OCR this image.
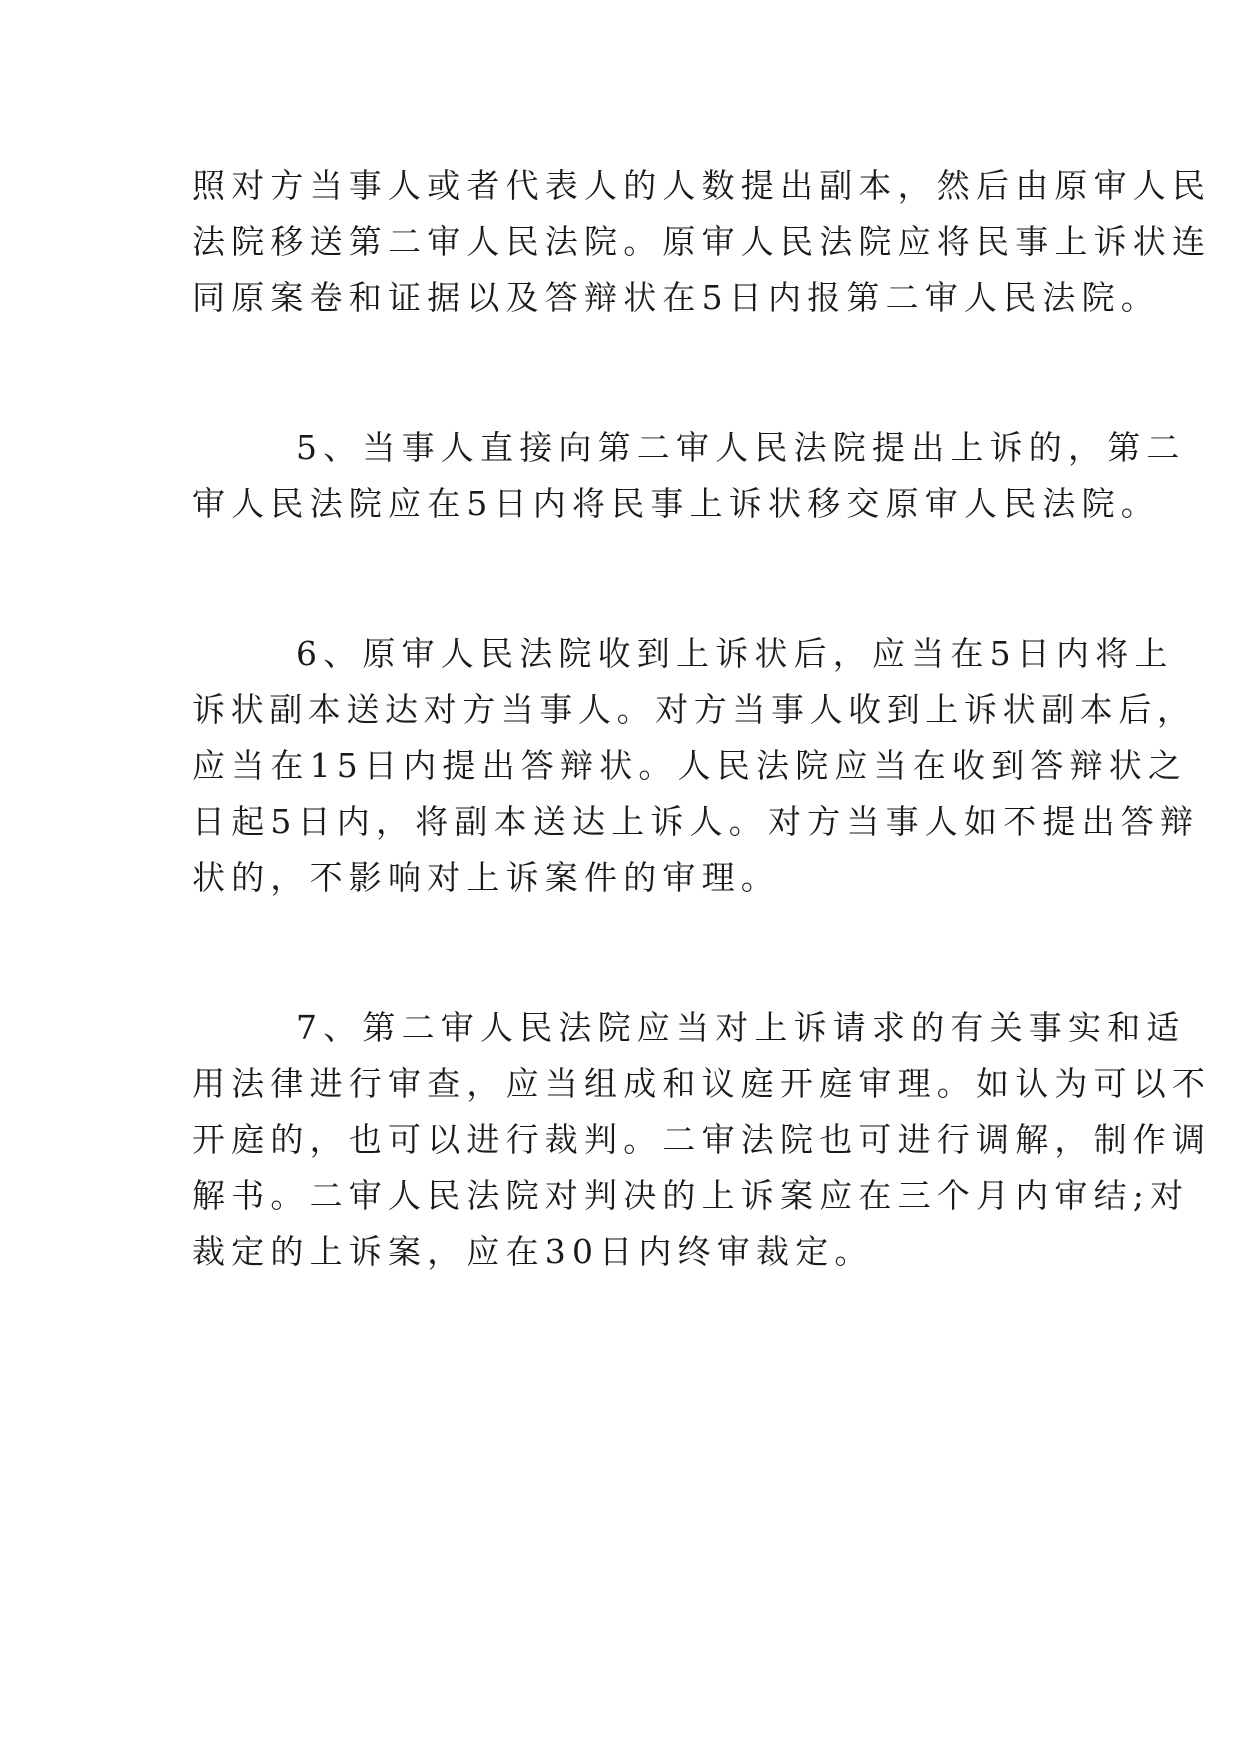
照对方当事人或者代表人的人数提出副本，然后由原审人民
法院移送第二审人民法院。原审人民法院应将民事上诉状连
同原案卷和证据以及答辩状在5日内报第二审人民法院。
5、当事人直接向第二审人民法院提出上诉的，第二
审人民法院应在5日内将民事上诉状移交原审人民法院。
6、原审人民法院收到上诉状后，应当在5日内将上
诉状副本送达对方当事人。对方当事人收到上诉状副本后，
应当在15日内提出答辩状。人民法院应当在收到答辩状之
日起5日内，将副本送达上诉人。对方当事人如不提出答辩
状的，不影响对上诉案件的审理。
7、第二审人民法院应当对上诉请求的有关事实和适
用法律进行审查，应当组成和议庭开庭审理。如认为可以不
开庭的，也可以进行裁判。二审法院也可进行调解，制作调
解书。二审人民法院对判决的上诉案应在三个月内审结;对
裁定的上诉案，应在30日内终审裁定。
